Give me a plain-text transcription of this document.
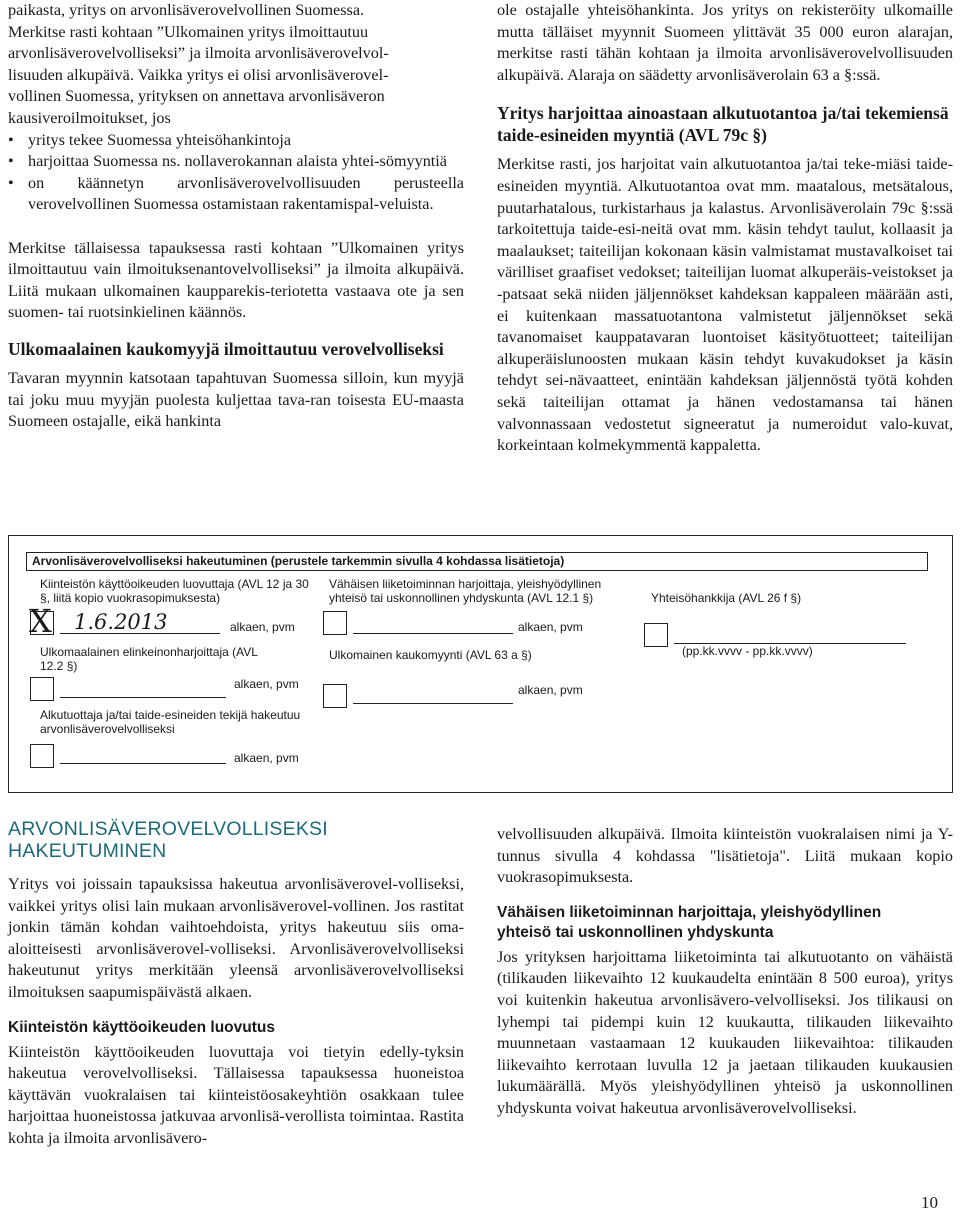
paikasta, yritys on arvonlisäverovelvollinen Suomessa.

Merkitse rasti kohtaan ”Ulkomainen yritys ilmoittautuu

arvonlisäverovelvolliseksi” ja ilmoita arvonlisäverovelvol-

lisuuden alkupäivä. Vaikka yritys ei olisi arvonlisäverovel-

vollinen Suomessa, yrityksen on annettava arvonlisäveron

kausiveroilmoitukset, jos

• yritys tekee Suomessa yhteisöhankintoja

• harjoittaa Suomessa ns. nollaverokannan alaista yhtei-sömyyntiä

• on käännetyn arvonlisäverovelvollisuuden perusteella verovelvollinen Suomessa ostamistaan rakentamispal-veluista.

Merkitse tällaisessa tapauksessa rasti kohtaan ”Ulkomainen yritys ilmoittautuu vain ilmoituksenantovelvolliseksi” ja ilmoita alkupäivä. Liitä mukaan ulkomainen kaupparekis-teriotetta vastaava ote ja sen suomen- tai ruotsinkielinen käännös.

Ulkomaalainen kaukomyyjä ilmoittautuu verovelvolliseksi

Tavaran myynnin katsotaan tapahtuvan Suomessa silloin, kun myyjä tai joku muu myyjän puolesta kuljettaa tava-ran toisesta EU-maasta Suomeen ostajalle, eikä hankinta

ole ostajalle yhteisöhankinta. Jos yritys on rekisteröity ulkomaille mutta tälläiset myynnit Suomeen ylittävät 35 000 euron alarajan, merkitse rasti tähän kohtaan ja ilmoita arvonlisäverovelvollisuuden alkupäivä. Alaraja on säädetty arvonlisäverolain 63 a §:ssä.

Yritys harjoittaa ainoastaan alkutuotantoa ja/tai tekemiensä taide-esineiden myyntiä (AVL 79c §)

Merkitse rasti, jos harjoitat vain alkutuotantoa ja/tai teke-miäsi taide-esineiden myyntiä. Alkutuotantoa ovat mm. maatalous, metsätalous, puutarhatalous, turkistarhaus ja kalastus. Arvonlisäverolain 79c §:ssä tarkoitettuja taide-esi-neitä ovat mm. käsin tehdyt taulut, kollaasit ja maalaukset; taiteilijan kokonaan käsin valmistamat mustavalkoiset tai värilliset graafiset vedokset; taiteilijan luomat alkuperäis-veistokset ja -patsaat sekä niiden jäljennökset kahdeksan kappaleen määrään asti, ei kuitenkaan massatuotantona valmistetut jäljennökset sekä tavanomaiset kauppatavaran luontoiset käsityötuotteet; taiteilijan alkuperäislunoosten mukaan käsin tehdyt kuvakudokset ja käsin tehdyt sei-nävaatteet, enintään kahdeksan jäljennöstä työtä kohden sekä taiteilijan ottamat ja hänen vedostamansa tai hänen valvonnassaan vedostetut signeeratut ja numeroidut valo-kuvat, korkeintaan kolmekymmentä kappaletta.

Arvonlisäverovelvolliseksi hakeutuminen (perustele tarkemmin sivulla 4 kohdassa lisätietoja)
Kiinteistön käyttöoikeuden luovuttaja (AVL 12 ja 30 §, liitä kopio vuokrasopimuksesta)
X 1.6.2013	alkaen, pvm
Vähäisen liiketoiminnan harjoittaja, yleishyödyllinen yhteisö tai uskonnollinen yhdyskunta (AVL 12.1 §)
alkaen, pvm
Yhteisöhankkija (AVL 26 f §)
(pp.kk.vvvv - pp.kk.vvvv)
Ulkomaalainen elinkeinonharjoittaja (AVL 12.2 §)
alkaen, pvm
Ulkomainen kaukomyynti (AVL 63 a §)
alkaen, pvm
Alkutuottaja ja/tai taide-esineiden tekijä hakeutuu arvonlisäverovelvolliseksi
alkaen, pvm

ARVONLISÄVEROVELVOLLISEKSI HAKEUTUMINEN

Yritys voi joissain tapauksissa hakeutua arvonlisäverovel-volliseksi, vaikkei yritys olisi lain mukaan arvonlisäverovel-vollinen. Jos rastitat jonkin tämän kohdan vaihtoehdoista, yritys hakeutuu siis oma-aloitteisesti arvonlisäverovel-volliseksi. Arvonlisäverovelvolliseksi hakeutunut yritys merkitään yleensä arvonlisäverovelvolliseksi ilmoituksen saapumispäivästä alkaen.

Kiinteistön käyttöoikeuden luovutus

Kiinteistön käyttöoikeuden luovuttaja voi tietyin edelly-tyksin hakeutua verovelvolliseksi. Tällaisessa tapauksessa huoneistoa käyttävän vuokralaisen tai kiinteistöosakeyhtiön osakkaan tulee harjoittaa huoneistossa jatkuvaa arvonlisä-verollista toimintaa. Rastita kohta ja ilmoita arvonlisävero-

velvollisuuden alkupäivä. Ilmoita kiinteistön vuokralaisen nimi ja Y-tunnus sivulla 4 kohdassa "lisätietoja". Liitä mukaan kopio vuokrasopimuksesta.

Vähäisen liiketoiminnan harjoittaja, yleishyödyllinen yhteisö tai uskonnollinen yhdyskunta

Jos yrityksen harjoittama liiketoiminta tai alkutuotanto on vähäistä (tilikauden liikevaihto 12 kuukaudelta enintään 8 500 euroa), yritys voi kuitenkin hakeutua arvonlisävero-velvolliseksi. Jos tilikausi on lyhempi tai pidempi kuin 12 kuukautta, tilikauden liikevaihto muunnetaan vastaamaan 12 kuukauden liikevaihtoa: tilikauden liikevaihto kerrotaan luvulla 12 ja jaetaan tilikauden kuukausien lukumäärällä. Myös yleishyödyllinen yhteisö ja uskonnollinen yhdyskunta voivat hakeutua arvonlisäverovelvolliseksi.

10
